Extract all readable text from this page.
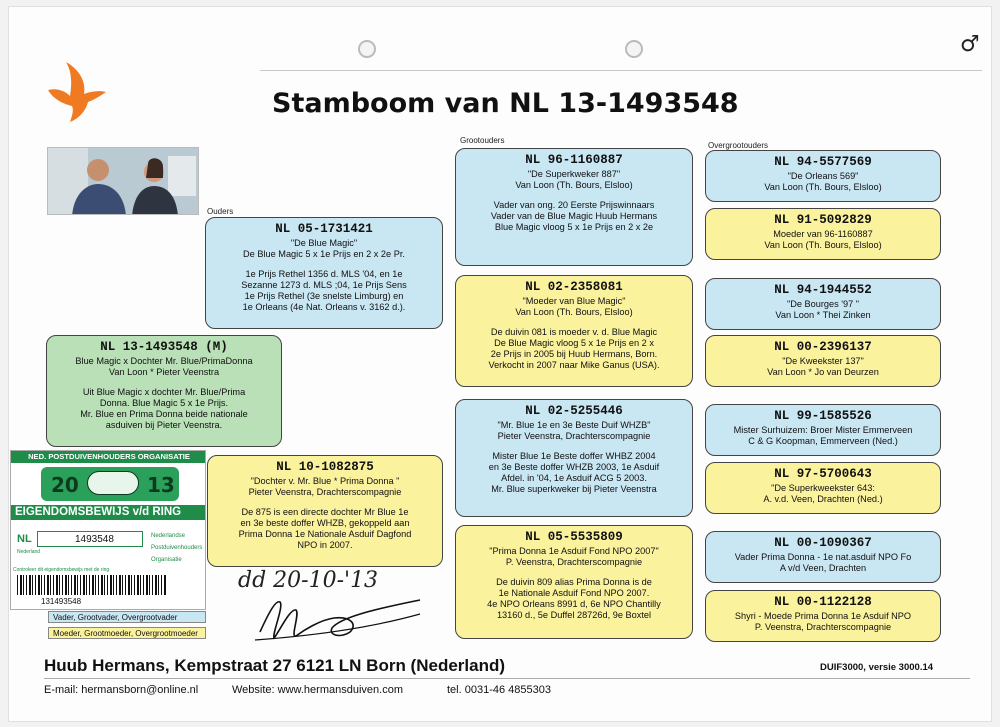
♂
Stamboom van NL 13-1493548
Ouders
Grootouders
Overgrootouders
NL 13-1493548 (M)
Blue Magic x Dochter Mr. Blue/PrimaDonna
Van Loon * Pieter Veenstra
Uit Blue Magic x dochter Mr. Blue/Prima
Donna. Blue Magic 5 x 1e Prijs.
Mr. Blue en Prima Donna beide nationale
asduiven bij Pieter Veenstra.
NL 05-1731421
"De Blue Magic"
De Blue Magic 5 x 1e Prijs en 2 x 2e Pr.
1e Prijs Rethel 1356 d. MLS '04, en 1e
Sezanne 1273 d. MLS ;04, 1e Prijs Sens
1e Prijs Rethel (3e snelste Limburg) en
1e Orleans (4e Nat. Orleans v. 3162 d.).
NL 10-1082875
"Dochter v. Mr. Blue * Prima Donna "
Pieter Veenstra, Drachterscompagnie
De 875 is een directe dochter Mr Blue 1e
en 3e beste doffer WHZB, gekoppeld aan
Prima Donna 1e Nationale Asduif Dagfond
NPO in 2007.
NL 96-1160887
"De Superkweker 887"
Van Loon (Th. Bours, Elsloo)
Vader van ong. 20 Eerste Prijswinnaars
Vader van de Blue Magic Huub Hermans
Blue Magic vloog 5 x 1e Prijs en 2 x 2e
NL 02-2358081
"Moeder van Blue Magic"
Van Loon (Th. Bours, Elsloo)
De duivin 081 is moeder v. d. Blue Magic
De Blue Magic vloog 5 x 1e Prijs en 2 x
2e Prijs in 2005 bij Huub Hermans, Born.
Verkocht in 2007 naar Mike Ganus (USA).
NL 02-5255446
"Mr. Blue 1e en 3e Beste Duif WHZB"
Pieter Veenstra, Drachterscompagnie
Mister Blue 1e Beste doffer WHBZ 2004
en 3e Beste doffer WHZB 2003, 1e Asduif
Afdel. in '04, 1e Asduif ACG 5 2003.
Mr. Blue superkweker bij Pieter Veenstra
NL 05-5535809
"Prima Donna 1e Asduif Fond NPO 2007"
P. Veenstra, Drachterscompagnie
De duivin 809 alias Prima Donna is de
1e Nationale Asduif Fond NPO 2007.
4e NPO Orleans 8991 d, 6e NPO Chantilly
13160 d., 5e Duffel 28726d, 9e Boxtel
NL 94-5577569
"De Orleans 569"
Van Loon (Th. Bours, Elsloo)
NL 91-5092829
Moeder van 96-1160887
Van Loon (Th. Bours, Elsloo)
NL 94-1944552
"De Bourges '97 "
Van Loon * Thei Zinken
NL 00-2396137
"De Kweekster 137"
Van Loon * Jo van Deurzen
NL 99-1585526
Mister Surhuizem: Broer Mister Emmerveen
C & G Koopman, Emmerveen (Ned.)
NL 97-5700643
"De Superkweekster 643:
A. v.d. Veen, Drachten (Ned.)
NL 00-1090367
Vader Prima Donna - 1e nat.asduif NPO Fo
A v/d Veen, Drachten
NL 00-1122128
Shyri - Moede Prima Donna 1e Asduif NPO
P. Veenstra, Drachterscompagnie
Vader, Grootvader, Overgrootvader
Moeder, Grootmoeder, Overgrootmoeder
NED. POSTDUIVENHOUDERS ORGANISATIE
20	13
EIGENDOMSBEWIJS v/d RING
NL	1493548	Nederlandse
Postduivenhouders
Organisatie
Nederland
Controleer dit eigendomsbewijs met de ring
131493548
dd 20-10-'13
Huub Hermans, Kempstraat 27 6121 LN Born (Nederland)	DUIF3000, versie 3000.14
E-mail: hermansborn@online.nl	Website: www.hermansduiven.com	tel. 0031-46 4855303
